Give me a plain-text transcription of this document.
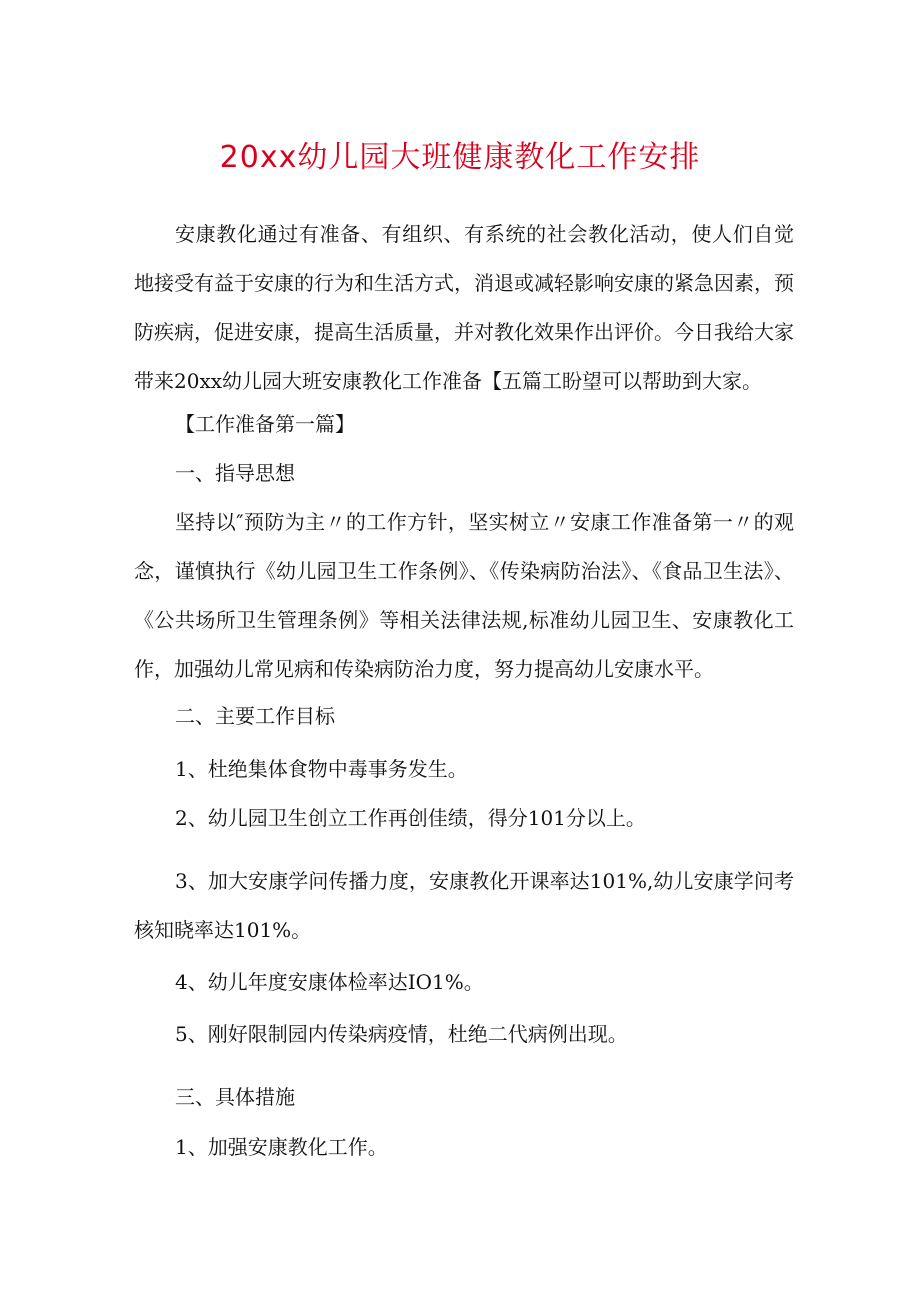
20xx幼儿园大班健康教化工作安排

安康教化通过有准备、有组织、有系统的社会教化活动，使人们自觉地接受有益于安康的行为和生活方式，消退或减轻影响安康的紧急因素，预防疾病，促进安康，提高生活质量，并对教化效果作出评价。今日我给大家带来20xx幼儿园大班安康教化工作准备【五篇工盼望可以帮助到大家。

【工作准备第一篇】

一、指导思想

坚持以″预防为主〃的工作方针，坚实树立〃安康工作准备第一〃的观念，谨慎执行《幼儿园卫生工作条例》、《传染病防治法》、《食品卫生法》、《公共场所卫生管理条例》等相关法律法规,标准幼儿园卫生、安康教化工作，加强幼儿常见病和传染病防治力度，努力提高幼儿安康水平。

二、主要工作目标

1、杜绝集体食物中毒事务发生。

2、幼儿园卫生创立工作再创佳绩，得分101分以上。

3、加大安康学问传播力度，安康教化开课率达101%,幼儿安康学问考核知晓率达101%。

4、幼儿年度安康体检率达IO1%。

5、刚好限制园内传染病疫情，杜绝二代病例出现。

三、具体措施

1、加强安康教化工作。
